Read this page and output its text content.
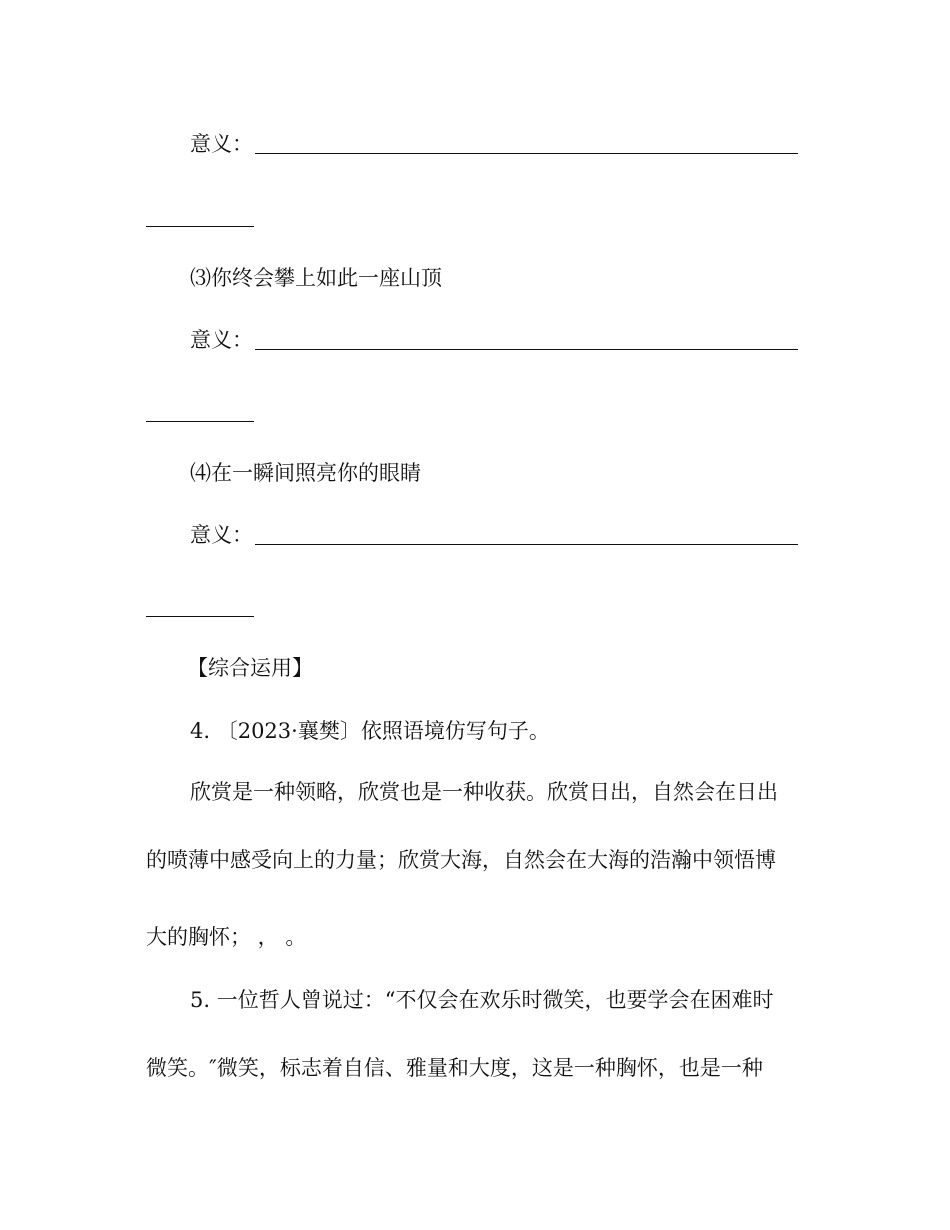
意义：
⑶你终会攀上如此一座山顶
意义：
⑷在一瞬间照亮你的眼睛
意义：
【综合运用】
4. 〔2023·襄樊〕依照语境仿写句子。
欣赏是一种领略，欣赏也是一种收获。欣赏日出，自然会在日出
的喷薄中感受向上的力量；欣赏大海，自然会在大海的浩瀚中领悟博
大的胸怀； ， 。
5. 一位哲人曾说过：“不仅会在欢乐时微笑，也要学会在困难时
微笑。″微笑，标志着自信、雅量和大度，这是一种胸怀，也是一种
